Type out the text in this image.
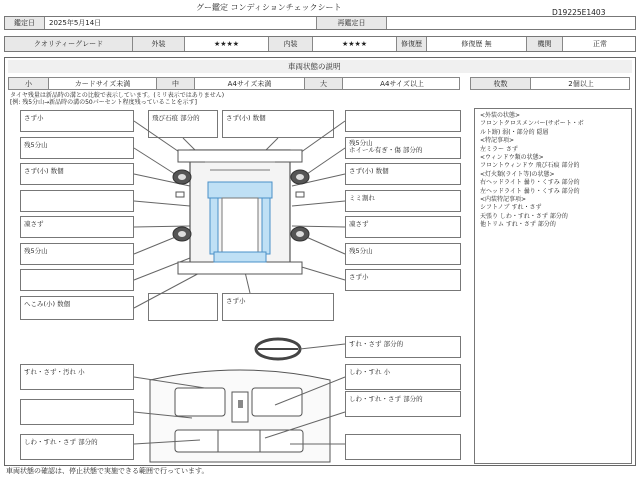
グー鑑定 コンディションチェックシート
D19225E1403
鑑定日	2025年5月14日	再鑑定日
クオリティーグレード	外装	★★★★	内装	★★★★	修復歴	修復歴 無	機関	正常
車両状態の説明
小	カードサイズ未満	中	A4サイズ未満	大	A4サイズ以上	枚数	2個以上
タイヤ残量は新品時の溝との比較で表示しています。(ミリ表示ではありません)
[例: 残5分山→新品時の溝の50パーセント程度残っていることを示す]
さず小
残5分山
さず(小) 数個
凍さず
残5分山
へこみ(小) 数個
飛び石痕 部分的	さず(小) 数個
残5分山
ホイール有ぎ・傷 部分的
さず(小) 数個
ミミ割れ
凍さず
残5分山
さず小
さず小
<外装の状態>
フロントクロスメンバー(サポート・ボ
ルト跡) 弱(・部分的 隠層
<特記事項>
左ミラー さず
<ウィンドウ類の状態>
フロントウィンドウ 飛び石痕 部分的
<灯火類(ライト等)の状態>
右ヘッドライト 曇り・くすみ 部分的
左ヘッドライト 曇り・くすみ 部分的
<内装特記事項>
シフトノブ すれ・さず
天張り しわ・すれ・さず 部分的
他トリム すれ・さず 部分的
すれ・さず 部分的
すれ・さず・汚れ 小	しわ・すれ 小
しわ・すれ・さず 部分的
しわ・すれ・さず 部分的
車両状態の確認は、停止状態で実施できる範囲で行っています。
